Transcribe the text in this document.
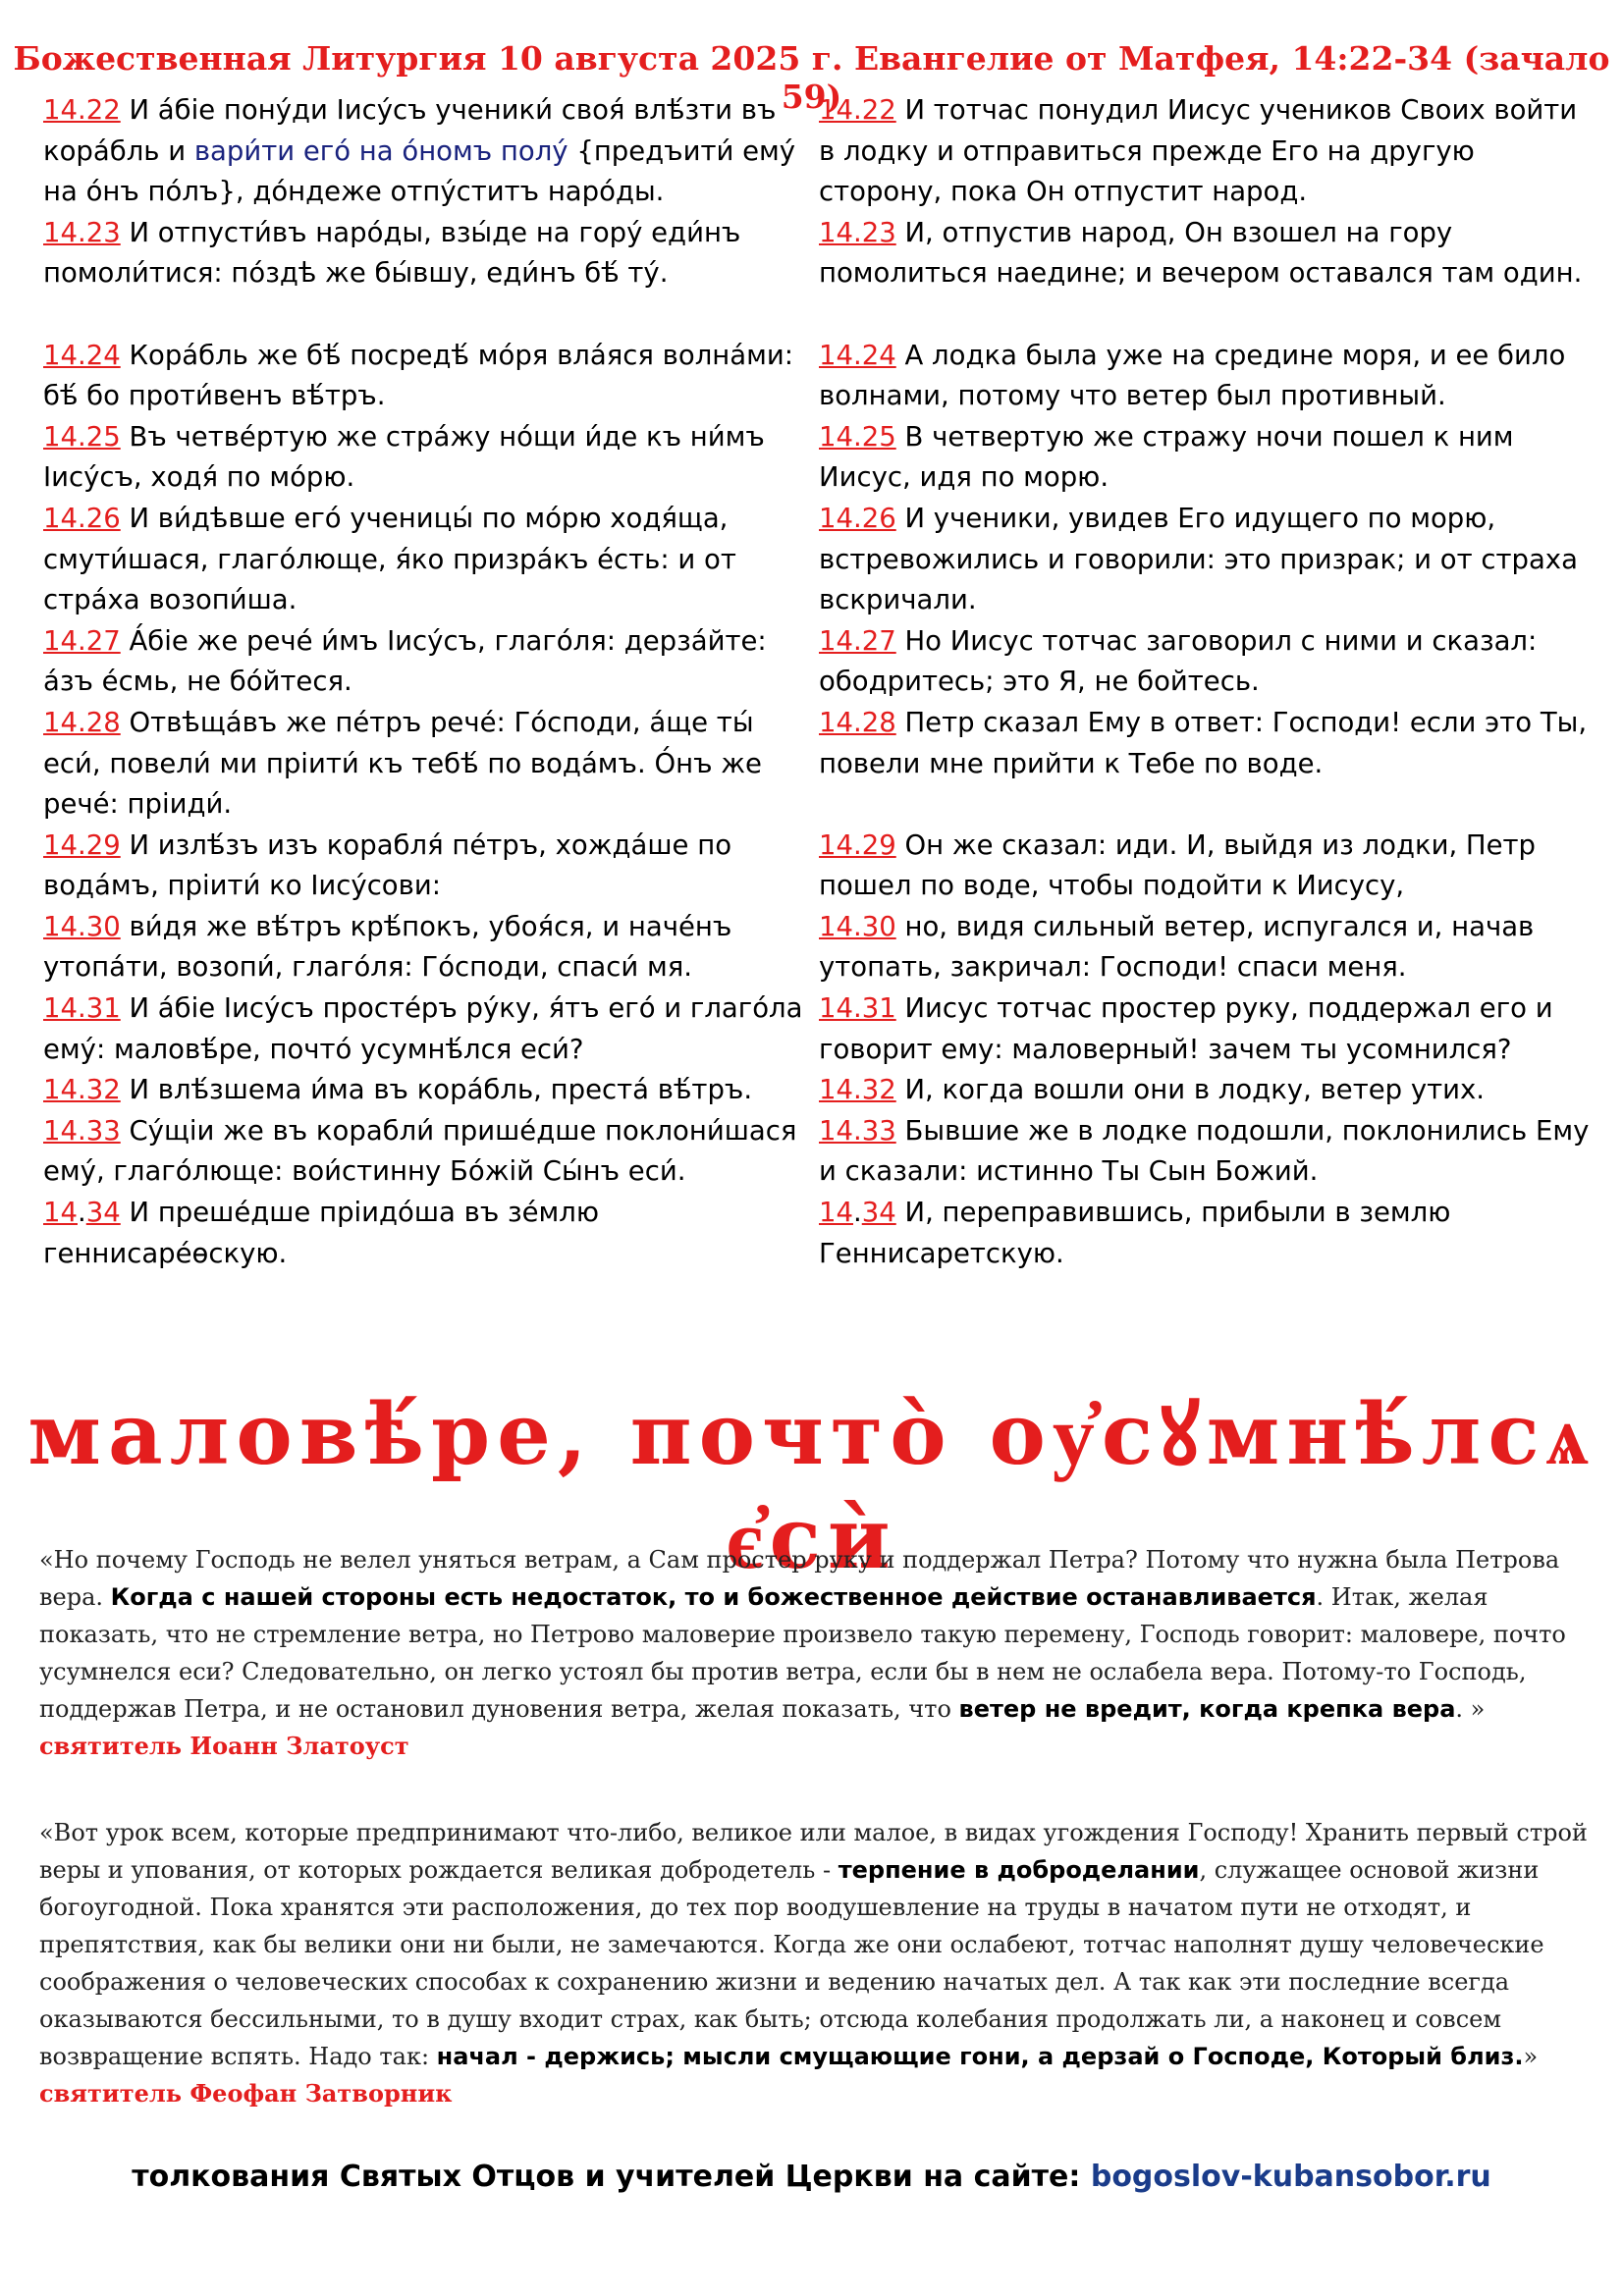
Божественная Литургия 10 августа 2025 г. Евангелие от Матфея, 14:22-34 (зачало 59)
14.22 И а́біе пону́ди Іису́съ ученики́ своя́ влѣ́зти въ кора́бль и вари́ти его́ на о́номъ полу́ {предъити́ ему́ на о́нъ по́лъ}, до́ндеже отпу́ститъ наро́ды.
14.22 И тотчас понудил Иисус учеников Своих войти в лодку и отправиться прежде Его на другую сторону, пока Он отпустит народ.
14.23 И отпусти́въ наро́ды, взы́де на гору́ еди́нъ помоли́тися: по́здѣ же бы́вшу, еди́нъ бѣ́ ту́.
14.23 И, отпустив народ, Он взошел на гору помолиться наедине; и вечером оставался там один.
14.24 Кора́бль же бѣ́ посредѣ́ мо́ря вла́яся волна́ми: бѣ́ бо проти́венъ вѣ́тръ.
14.24 А лодка была уже на средине моря, и ее било волнами, потому что ветер был противный.
14.25 Въ четве́ртую же стра́жу но́щи и́де къ ни́мъ Іису́съ, ходя́ по мо́рю.
14.25 В четвертую же стражу ночи пошел к ним Иисус, идя по морю.
14.26 И ви́дѣвше его́ ученицы́ по мо́рю ходя́ща, смути́шася, глаго́люще, я́ко призра́къ е́сть: и от стра́ха возопи́ша.
14.26 И ученики, увидев Его идущего по морю, встревожились и говорили: это призрак; и от страха вскричали.
14.27 А́біе же рече́ и́мъ Іису́съ, глаго́ля: дерза́йте: а́зъ е́смь, не бо́йтеся.
14.27 Но Иисус тотчас заговорил с ними и сказал: ободритесь; это Я, не бойтесь.
14.28 Отвѣща́въ же пе́тръ рече́: Го́споди, а́ще ты́ еси́, повели́ ми пріити́ къ тебѣ́ по вода́мъ. О́нъ же рече́: пріиди́.
14.28 Петр сказал Ему в ответ: Господи! если это Ты, повели мне прийти к Тебе по воде.
14.29 И излѣ́зъ изъ корабля́ пе́тръ, хожда́ше по вода́мъ, пріити́ ко Іису́сови:
14.29 Он же сказал: иди. И, выйдя из лодки, Петр пошел по воде, чтобы подойти к Иисусу,
14.30 ви́дя же вѣ́тръ крѣ́покъ, убоя́ся, и наче́нъ утопа́ти, возопи́, глаго́ля: Го́споди, спаси́ мя.
14.30 но, видя сильный ветер, испугался и, начав утопать, закричал: Господи! спаси меня.
14.31 И а́біе Іису́съ простéръ ру́ку, я́тъ его́ и глаго́ла ему́: маловѣ́ре, почто́ усумнѣ́лся еси́?
14.31 Иисус тотчас простер руку, поддержал его и говорит ему: маловерный! зачем ты усомнился?
14.32 И влѣ́зшема и́ма въ кора́бль, преста́ вѣ́тръ.	14.32 И, когда вошли они в лодку, ветер утих.
14.33 Су́щіи же въ корабли́ пришéдше поклони́шася ему́, глаго́люще: вои́стинну Бо́жій Сы́нъ еси́.
14.33 Бывшие же в лодке подошли, поклонились Ему и сказали: истинно Ты Сын Божий.
14.34 И прешéдше пріидо́ша въ зе́млю геннисаре́ѳскую.
14.34 И, переправившись, прибыли в землю Геннисаретскую.
маловѣ́ре, почто̀ оу҆сꙋмнѣ́лсѧ є҆сѝ
«Но почему Господь не велел уняться ветрам, а Сам простер руку и поддержал Петра? Потому что нужна была Петрова вера. Когда с нашей стороны есть недостаток, то и божественное действие останавливается. Итак, желая показать, что не стремление ветра, но Петрово маловерие произвело такую перемену, Господь говорит: маловере, почто усумнелся еси? Следовательно, он легко устоял бы против ветра, если бы в нем не ослабела вера. Потому-то Господь, поддержав Петра, и не остановил дуновения ветра, желая показать, что ветер не вредит, когда крепка вера. »
святитель Иоанн Златоуст
«Вот урок всем, которые предпринимают что-либо, великое или малое, в видах угождения Господу! Хранить первый строй веры и упования, от которых рождается великая добродетель - терпение в доброделании, служащее основой жизни богоугодной. Пока хранятся эти расположения, до тех пор воодушевление на труды в начатом пути не отходят, и препятствия, как бы велики они ни были, не замечаются. Когда же они ослабеют, тотчас наполнят душу человеческие соображения о человеческих способах к сохранению жизни и ведению начатых дел. А так как эти последние всегда оказываются бессильными, то в душу входит страх, как быть; отсюда колебания продолжать ли, а наконец и совсем возвращение вспять. Надо так: начал - держись; мысли смущающие гони, а дерзай о Господе, Который близ.»
святитель Феофан Затворник
толкования Святых Отцов и учителей Церкви на сайте: bogoslov-kubansobor.ru
